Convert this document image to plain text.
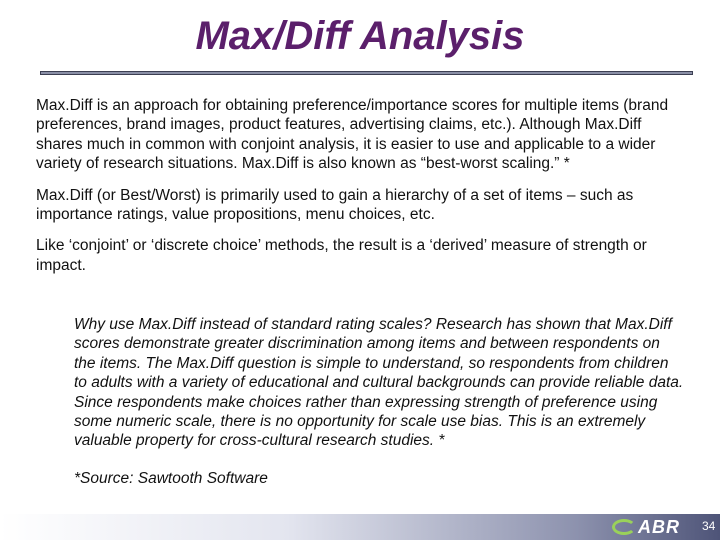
Max/Diff Analysis

Max.Diff is an approach for obtaining preference/importance scores for multiple items (brand preferences, brand images, product features, advertising claims, etc.). Although Max.Diff shares much in common with conjoint analysis, it is easier to use and applicable to a wider variety of research situations. Max.Diff is also known as “best-worst scaling.” *

Max.Diff (or Best/Worst) is primarily used to gain a hierarchy of a set of items – such as importance ratings, value propositions, menu choices, etc.

Like ‘conjoint’ or ‘discrete choice’ methods, the result is a ‘derived’ measure of strength or impact.

Why use Max.Diff instead of standard rating scales? Research has shown that Max.Diff scores demonstrate greater discrimination among items and between respondents on the items. The Max.Diff question is simple to understand, so respondents from children to adults with a variety of educational and cultural backgrounds can provide reliable data. Since respondents make choices rather than expressing strength of preference using some numeric scale, there is no opportunity for scale use bias. This is an extremely valuable property for cross-cultural research studies. *

*Source: Sawtooth Software

ABR 34
